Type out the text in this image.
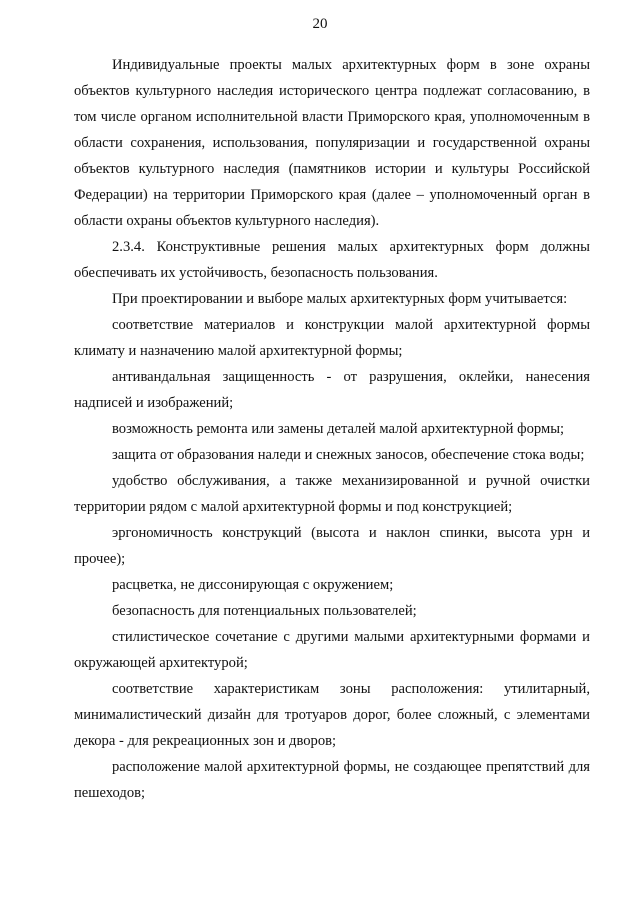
20

Индивидуальные проекты малых архитектурных форм в зоне охраны объектов культурного наследия исторического центра подлежат согласованию, в том числе органом исполнительной власти Приморского края, уполномоченным в области сохранения, использования, популяризации и государственной охраны объектов культурного наследия (памятников истории и культуры Российской Федерации) на территории Приморского края (далее – уполномоченный орган в области охраны объектов культурного наследия).

2.3.4. Конструктивные решения малых архитектурных форм должны обеспечивать их устойчивость, безопасность пользования.

При проектировании и выборе малых архитектурных форм учитывается:

соответствие материалов и конструкции малой архитектурной формы климату и назначению малой архитектурной формы;

антивандальная защищенность - от разрушения, оклейки, нанесения надписей и изображений;

возможность ремонта или замены деталей малой архитектурной формы;

защита от образования наледи и снежных заносов, обеспечение стока воды;

удобство обслуживания, а также механизированной и ручной очистки территории рядом с малой архитектурной формы и под конструкцией;

эргономичность конструкций (высота и наклон спинки, высота урн и прочее);

расцветка, не диссонирующая с окружением;

безопасность для потенциальных пользователей;

стилистическое сочетание с другими малыми архитектурными формами и окружающей архитектурой;

соответствие характеристикам зоны расположения: утилитарный, минималистический дизайн для тротуаров дорог, более сложный, с элементами декора - для рекреационных зон и дворов;

расположение малой архитектурной формы, не создающее препятствий для пешеходов;
